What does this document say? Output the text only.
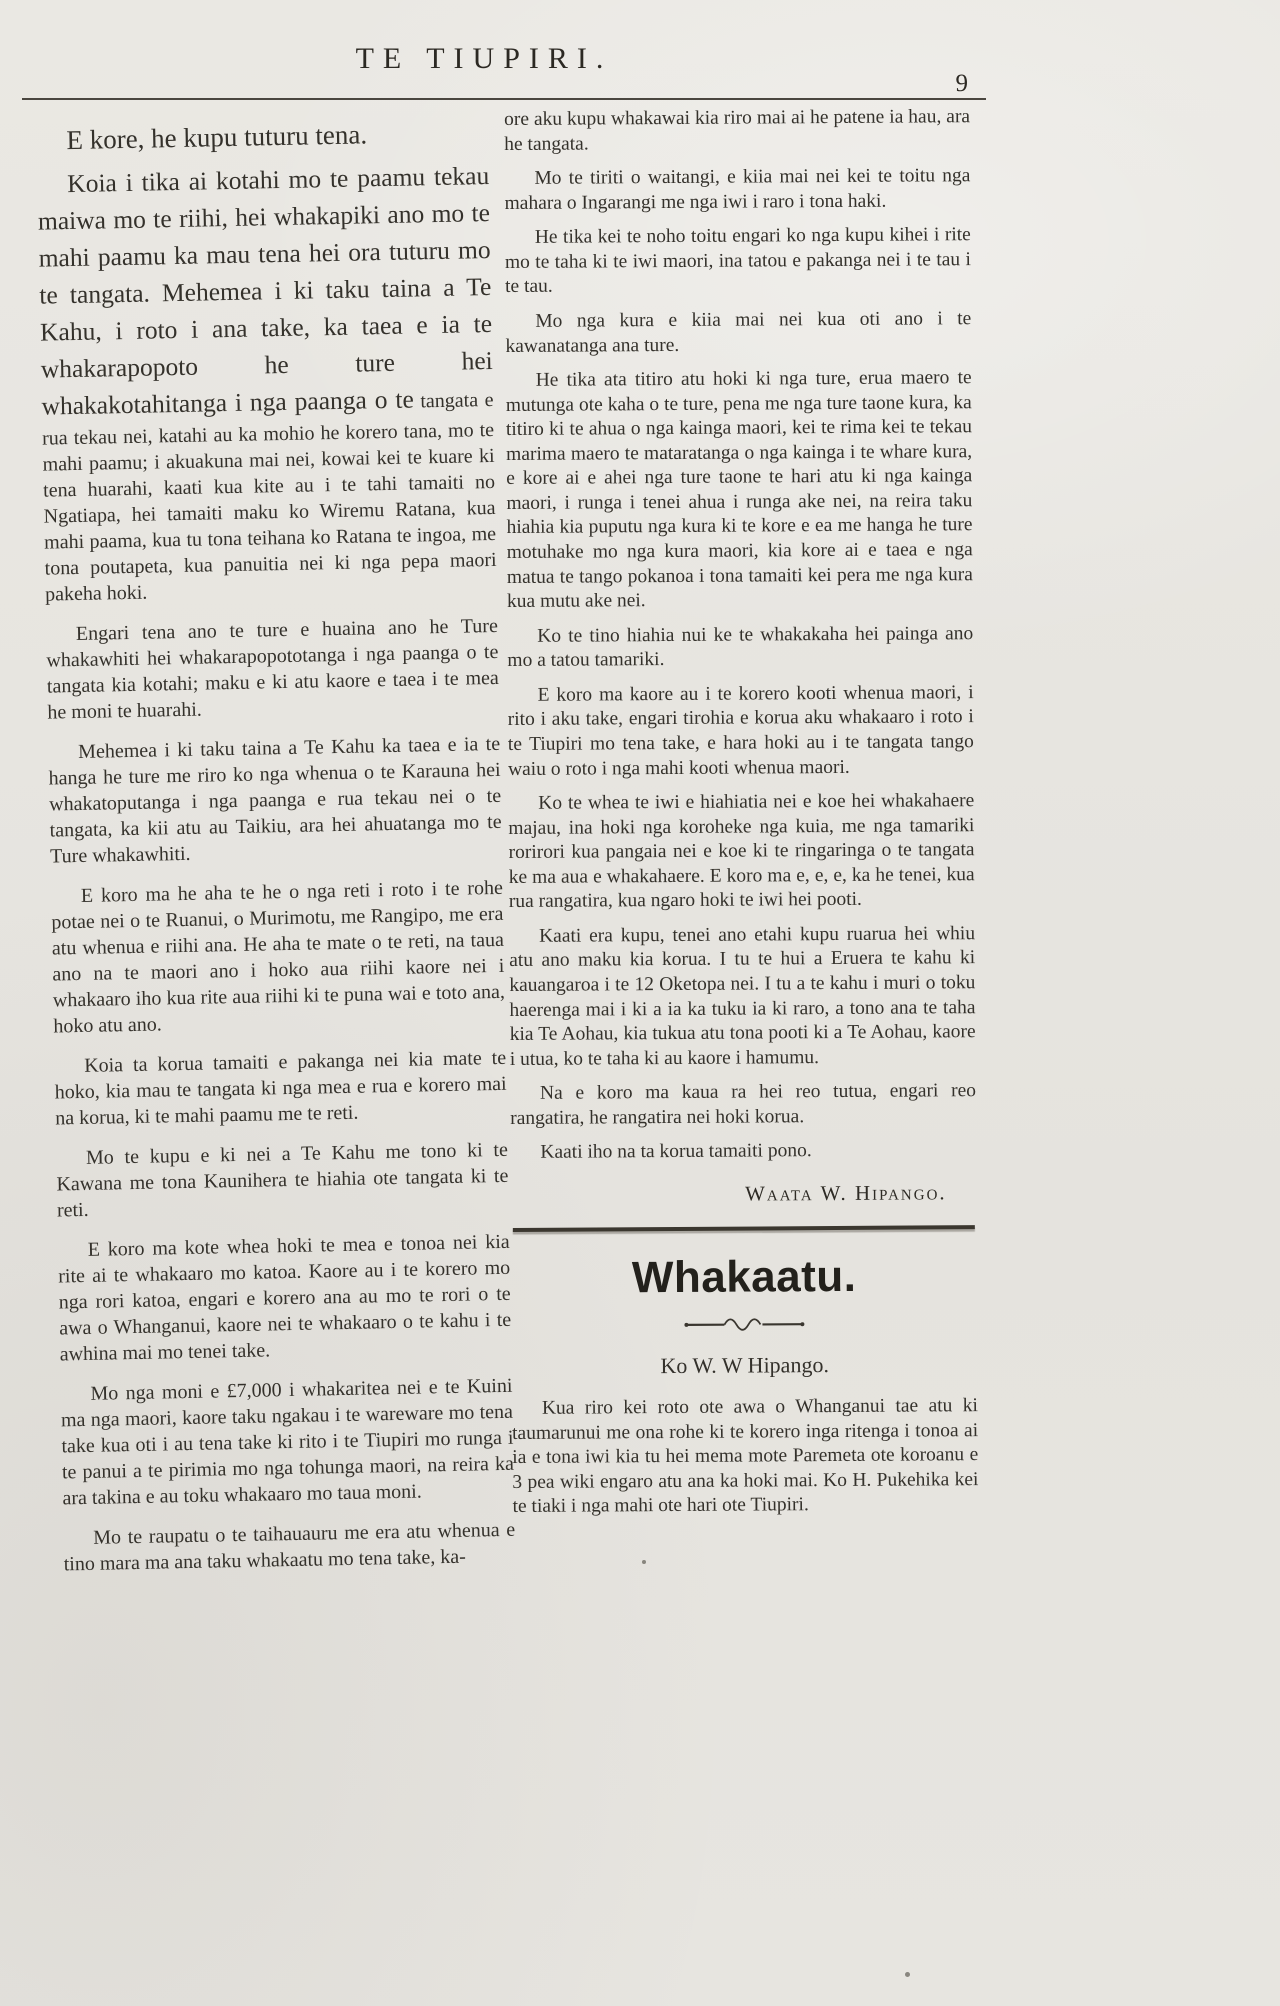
TE TIUPIRI.
9

E kore, he kupu tuturu tena.

Koia i tika ai kotahi mo te paamu tekau maiwa mo te riihi, hei whakapiki ano mo te mahi paamu ka mau tena hei ora tuturu mo te tangata. Mehemea i ki taku taina a Te Kahu, i roto i ana take, ka taea e ia te whakarapopoto he ture hei whakakotahitanga i nga paanga o te tangata e rua tekau nei, katahi au ka mohio he korero tana, mo te mahi paamu; i akuakuna mai nei, kowai kei te kuare ki tena huarahi, kaati kua kite au i te tahi tamaiti no Ngatiapa, hei tamaiti maku ko Wiremu Ratana, kua mahi paama, kua tu tona teihana ko Ratana te ingoa, me tona poutapeta, kua panuitia nei ki nga pepa maori pakeha hoki.

Engari tena ano te ture e huaina ano he Ture whakawhiti hei whakarapopototanga i nga paanga o te tangata kia kotahi; maku e ki atu kaore e taea i te mea he moni te huarahi.

Mehemea i ki taku taina a Te Kahu ka taea e ia te hanga he ture me riro ko nga whenua o te Karauna hei whakatoputanga i nga paanga e rua tekau nei o te tangata, ka kii atu au Taikiu, ara hei ahuatanga mo te Ture whakawhiti.

E koro ma he aha te he o nga reti i roto i te rohe potae nei o te Ruanui, o Murimotu, me Rangipo, me era atu whenua e riihi ana. He aha te mate o te reti, na taua ano na te maori ano i hoko aua riihi kaore nei i whakaaro iho kua rite aua riihi ki te puna wai e toto ana, hoko atu ano.

Koia ta korua tamaiti e pakanga nei kia mate te hoko, kia mau te tangata ki nga mea e rua e korero mai na korua, ki te mahi paamu me te reti.

Mo te kupu e ki nei a Te Kahu me tono ki te Kawana me tona Kaunihera te hiahia ote tangata ki te reti.

E koro ma kote whea hoki te mea e tonoa nei kia rite ai te whakaaro mo katoa. Kaore au i te korero mo nga rori katoa, engari e korero ana au mo te rori o te awa o Whanganui, kaore nei te whakaaro o te kahu i te awhina mai mo tenei take.

Mo nga moni e £7,000 i whakaritea nei e te Kuini ma nga maori, kaore taku ngakau i te wareware mo tena take kua oti i au tena take ki rito i te Tiupiri mo runga i te panui a te pirimia mo nga tohunga maori, na reira ka ara takina e au toku whakaaro mo taua moni.

Mo te raupatu o te taihauauru me era atu whenua e tino mara ma ana taku whakaatu mo tena take, ka-

ore aku kupu whakawai kia riro mai ai he patene ia hau, ara he tangata.

Mo te tiriti o waitangi, e kiia mai nei kei te toitu nga mahara o Ingarangi me nga iwi i raro i tona haki.

He tika kei te noho toitu engari ko nga kupu kihei i rite mo te taha ki te iwi maori, ina tatou e pakanga nei i te tau i te tau.

Mo nga kura e kiia mai nei kua oti ano i te kawanatanga ana ture.

He tika ata titiro atu hoki ki nga ture, erua maero te mutunga ote kaha o te ture, pena me nga ture taone kura, ka titiro ki te ahua o nga kainga maori, kei te rima kei te tekau marima maero te mataratanga o nga kainga i te whare kura, e kore ai e ahei nga ture taone te hari atu ki nga kainga maori, i runga i tenei ahua i runga ake nei, na reira taku hiahia kia puputu nga kura ki te kore e ea me hanga he ture motuhake mo nga kura maori, kia kore ai e taea e nga matua te tango pokanoa i tona tamaiti kei pera me nga kura kua mutu ake nei.

Ko te tino hiahia nui ke te whakakaha hei painga ano mo a tatou tamariki.

E koro ma kaore au i te korero kooti whenua maori, i rito i aku take, engari tirohia e korua aku whakaaro i roto i te Tiupiri mo tena take, e hara hoki au i te tangata tango waiu o roto i nga mahi kooti whenua maori.

Ko te whea te iwi e hiahiatia nei e koe hei whakahaere majau, ina hoki nga koroheke nga kuia, me nga tamariki rorirori kua pangaia nei e koe ki te ringaringa o te tangata ke ma aua e whakahaere. E koro ma e, e, e, ka he tenei, kua rua rangatira, kua ngaro hoki te iwi hei pooti.

Kaati era kupu, tenei ano etahi kupu ruarua hei whiu atu ano maku kia korua. I tu te hui a Eruera te kahu ki kauangaroa i te 12 Oketopa nei. I tu a te kahu i muri o toku haerenga mai i ki a ia ka tuku ia ki raro, a tono ana te taha kia Te Aohau, kia tukua atu tona pooti ki a Te Aohau, kaore i utua, ko te taha ki au kaore i hamumu.

Na e koro ma kaua ra hei reo tutua, engari reo rangatira, he rangatira nei hoki korua.

Kaati iho na ta korua tamaiti pono.

Waata W. Hipango.

Whakaatu.

Ko W. W Hipango.

Kua riro kei roto ote awa o Whanganui tae atu ki taumarunui me ona rohe ki te korero inga ritenga i tonoa ai ia e tona iwi kia tu hei mema mote Paremeta ote koroanu e 3 pea wiki engaro atu ana ka hoki mai. Ko H. Pukehika kei te tiaki i nga mahi ote hari ote Tiupiri.
